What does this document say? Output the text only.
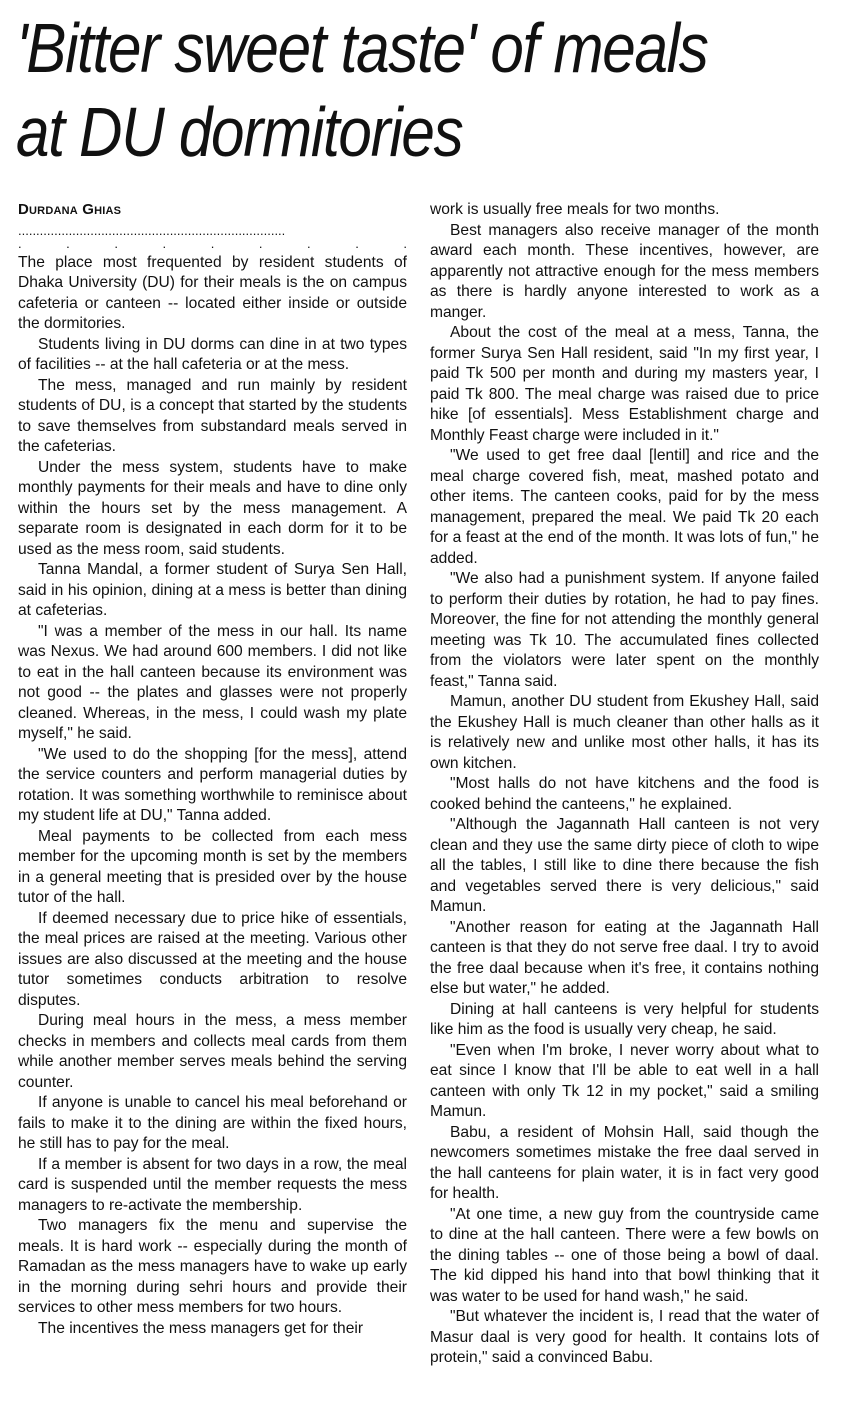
'Bitter sweet taste' of meals
at DU dormitories
Durdana Ghias
..........................................................................
. . . . . . . . .

The place most frequented by resident students of Dhaka University (DU) for their meals is the on campus cafeteria or canteen -- located either inside or outside the dormitories.

Students living in DU dorms can dine in at two types of facilities -- at the hall cafeteria or at the mess.

The mess, managed and run mainly by resident students of DU, is a concept that started by the students to save themselves from substandard meals served in the cafeterias.

Under the mess system, students have to make monthly payments for their meals and have to dine only within the hours set by the mess management. A separate room is designated in each dorm for it to be used as the mess room, said students.

Tanna Mandal, a former student of Surya Sen Hall, said in his opinion, dining at a mess is better than dining at cafeterias.

"I was a member of the mess in our hall. Its name was Nexus. We had around 600 members. I did not like to eat in the hall canteen because its environment was not good -- the plates and glasses were not properly cleaned. Whereas, in the mess, I could wash my plate myself," he said.

"We used to do the shopping [for the mess], attend the service counters and perform managerial duties by rotation. It was something worthwhile to reminisce about my student life at DU," Tanna added.

Meal payments to be collected from each mess member for the upcoming month is set by the members in a general meeting that is presided over by the house tutor of the hall.

If deemed necessary due to price hike of essentials, the meal prices are raised at the meeting. Various other issues are also discussed at the meeting and the house tutor sometimes conducts arbitration to resolve disputes.

During meal hours in the mess, a mess member checks in members and collects meal cards from them while another member serves meals behind the serving counter.

If anyone is unable to cancel his meal beforehand or fails to make it to the dining are within the fixed hours, he still has to pay for the meal.

If a member is absent for two days in a row, the meal card is suspended until the member requests the mess managers to re-activate the membership.

Two managers fix the menu and supervise the meals. It is hard work -- especially during the month of Ramadan as the mess managers have to wake up early in the morning during sehri hours and provide their services to other mess members for two hours.

The incentives the mess managers get for their

work is usually free meals for two months.

Best managers also receive manager of the month award each month. These incentives, however, are apparently not attractive enough for the mess members as there is hardly anyone interested to work as a manger.

About the cost of the meal at a mess, Tanna, the former Surya Sen Hall resident, said "In my first year, I paid Tk 500 per month and during my masters year, I paid Tk 800. The meal charge was raised due to price hike [of essentials]. Mess Establishment charge and Monthly Feast charge were included in it."

"We used to get free daal [lentil] and rice and the meal charge covered fish, meat, mashed potato and other items. The canteen cooks, paid for by the mess management, prepared the meal. We paid Tk 20 each for a feast at the end of the month. It was lots of fun," he added.

"We also had a punishment system. If anyone failed to perform their duties by rotation, he had to pay fines. Moreover, the fine for not attending the monthly general meeting was Tk 10. The accumulated fines collected from the violators were later spent on the monthly feast," Tanna said.

Mamun, another DU student from Ekushey Hall, said the Ekushey Hall is much cleaner than other halls as it is relatively new and unlike most other halls, it has its own kitchen.

"Most halls do not have kitchens and the food is cooked behind the canteens," he explained.

"Although the Jagannath Hall canteen is not very clean and they use the same dirty piece of cloth to wipe all the tables, I still like to dine there because the fish and vegetables served there is very delicious," said Mamun.

"Another reason for eating at the Jagannath Hall canteen is that they do not serve free daal. I try to avoid the free daal because when it's free, it contains nothing else but water," he added.

Dining at hall canteens is very helpful for students like him as the food is usually very cheap, he said.

"Even when I'm broke, I never worry about what to eat since I know that I'll be able to eat well in a hall canteen with only Tk 12 in my pocket," said a smiling Mamun.

Babu, a resident of Mohsin Hall, said though the newcomers sometimes mistake the free daal served in the hall canteens for plain water, it is in fact very good for health.

"At one time, a new guy from the countryside came to dine at the hall canteen. There were a few bowls on the dining tables -- one of those being a bowl of daal. The kid dipped his hand into that bowl thinking that it was water to be used for hand wash," he said.

"But whatever the incident is, I read that the water of Masur daal is very good for health. It contains lots of protein," said a convinced Babu.
